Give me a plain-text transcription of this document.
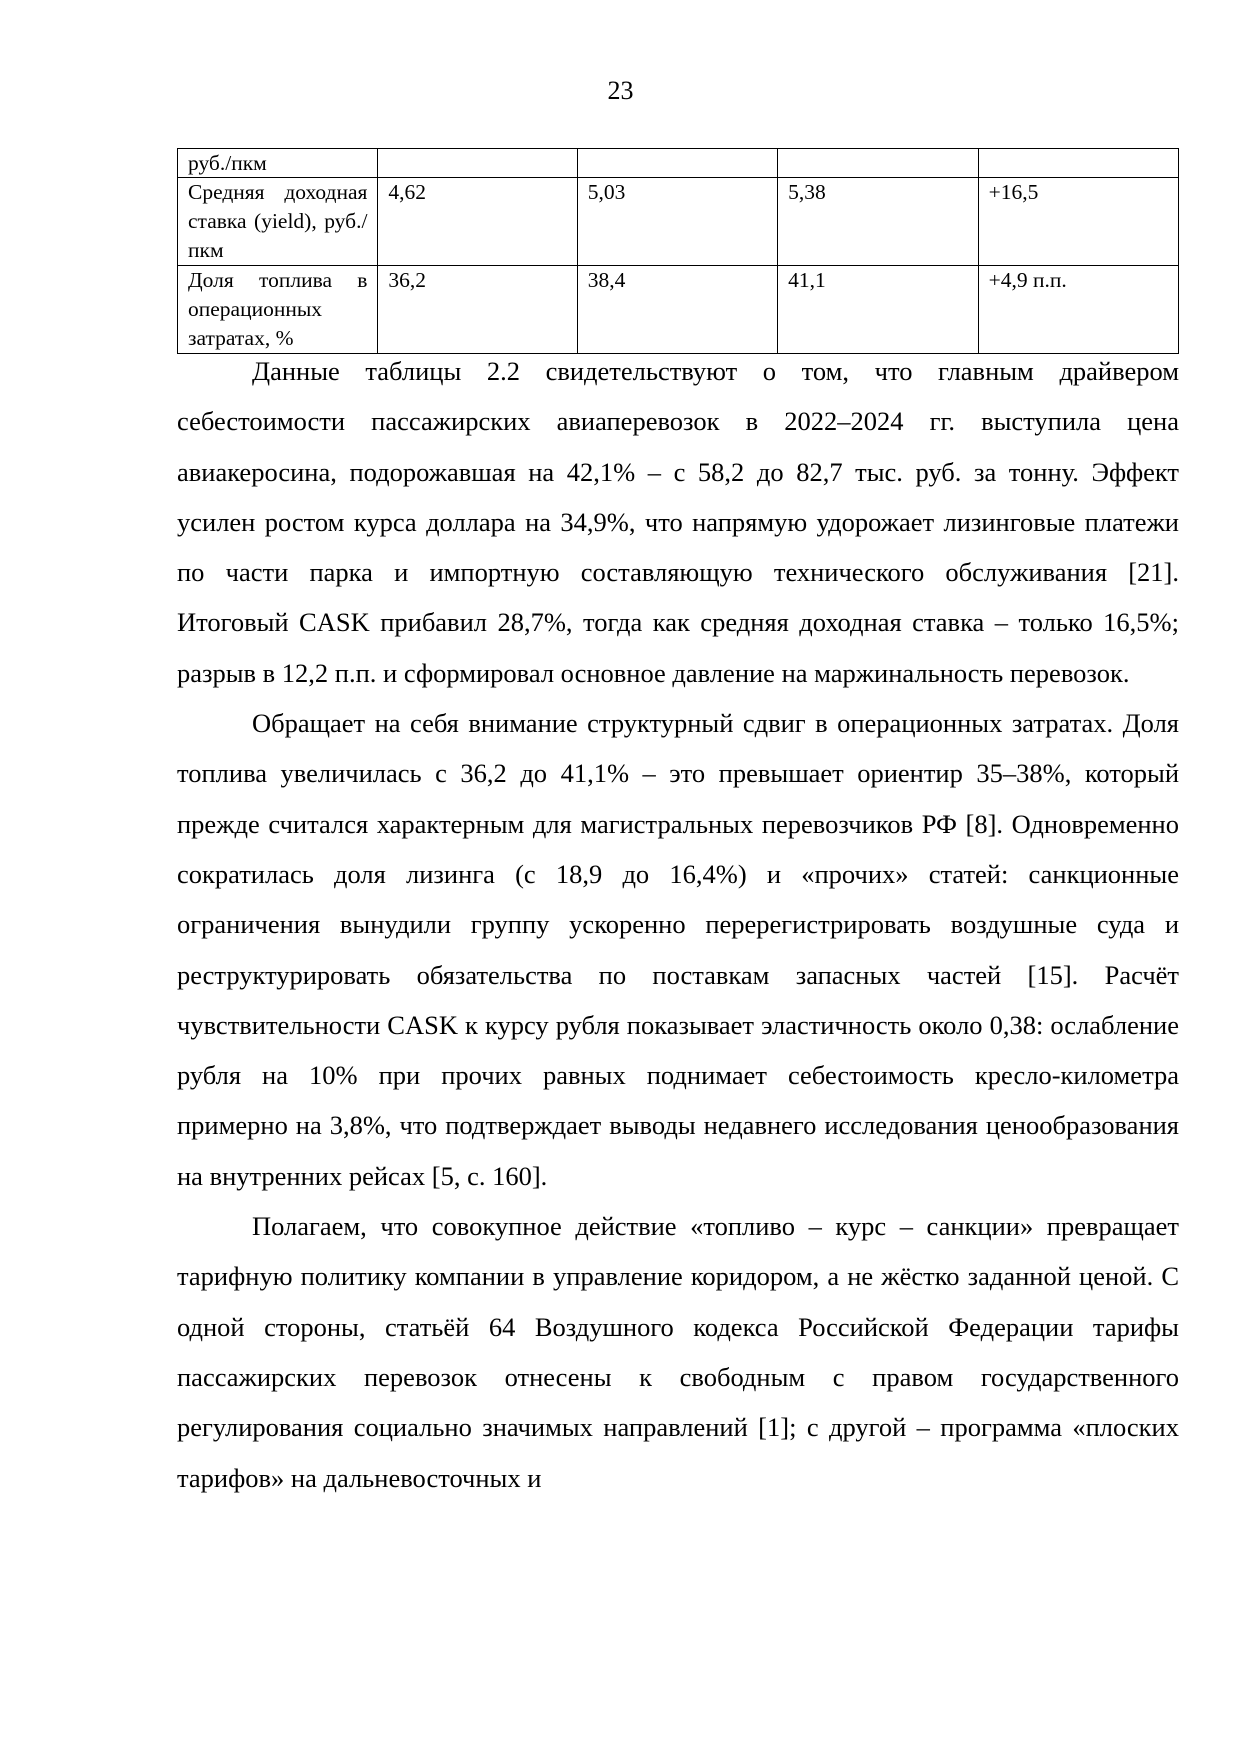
23
руб./пкм				
Средняя доходная ставка (yield), руб./пкм	4,62	5,03	5,38	+16,5
Доля топлива в операционных затратах, %	36,2	38,4	41,1	+4,9 п.п.

Данные таблицы 2.2 свидетельствуют о том, что главным драйвером себестоимости пассажирских авиаперевозок в 2022–2024 гг. выступила цена авиакеросина, подорожавшая на 42,1% – с 58,2 до 82,7 тыс. руб. за тонну. Эффект усилен ростом курса доллара на 34,9%, что напрямую удорожает лизинговые платежи по части парка и импортную составляющую технического обслуживания [21]. Итоговый CASK прибавил 28,7%, тогда как средняя доходная ставка – только 16,5%; разрыв в 12,2 п.п. и сформировал основное давление на маржинальность перевозок.

Обращает на себя внимание структурный сдвиг в операционных затратах. Доля топлива увеличилась с 36,2 до 41,1% – это превышает ориентир 35–38%, который прежде считался характерным для магистральных перевозчиков РФ [8]. Одновременно сократилась доля лизинга (с 18,9 до 16,4%) и «прочих» статей: санкционные ограничения вынудили группу ускоренно перерегистрировать воздушные суда и реструктурировать обязательства по поставкам запасных частей [15]. Расчёт чувствительности CASK к курсу рубля показывает эластичность около 0,38: ослабление рубля на 10% при прочих равных поднимает себестоимость кресло-километра примерно на 3,8%, что подтверждает выводы недавнего исследования ценообразования на внутренних рейсах [5, с. 160].

Полагаем, что совокупное действие «топливо – курс – санкции» превращает тарифную политику компании в управление коридором, а не жёстко заданной ценой. С одной стороны, статьёй 64 Воздушного кодекса Российской Федерации тарифы пассажирских перевозок отнесены к свободным с правом государственного регулирования социально значимых направлений [1]; с другой – программа «плоских тарифов» на дальневосточных и
